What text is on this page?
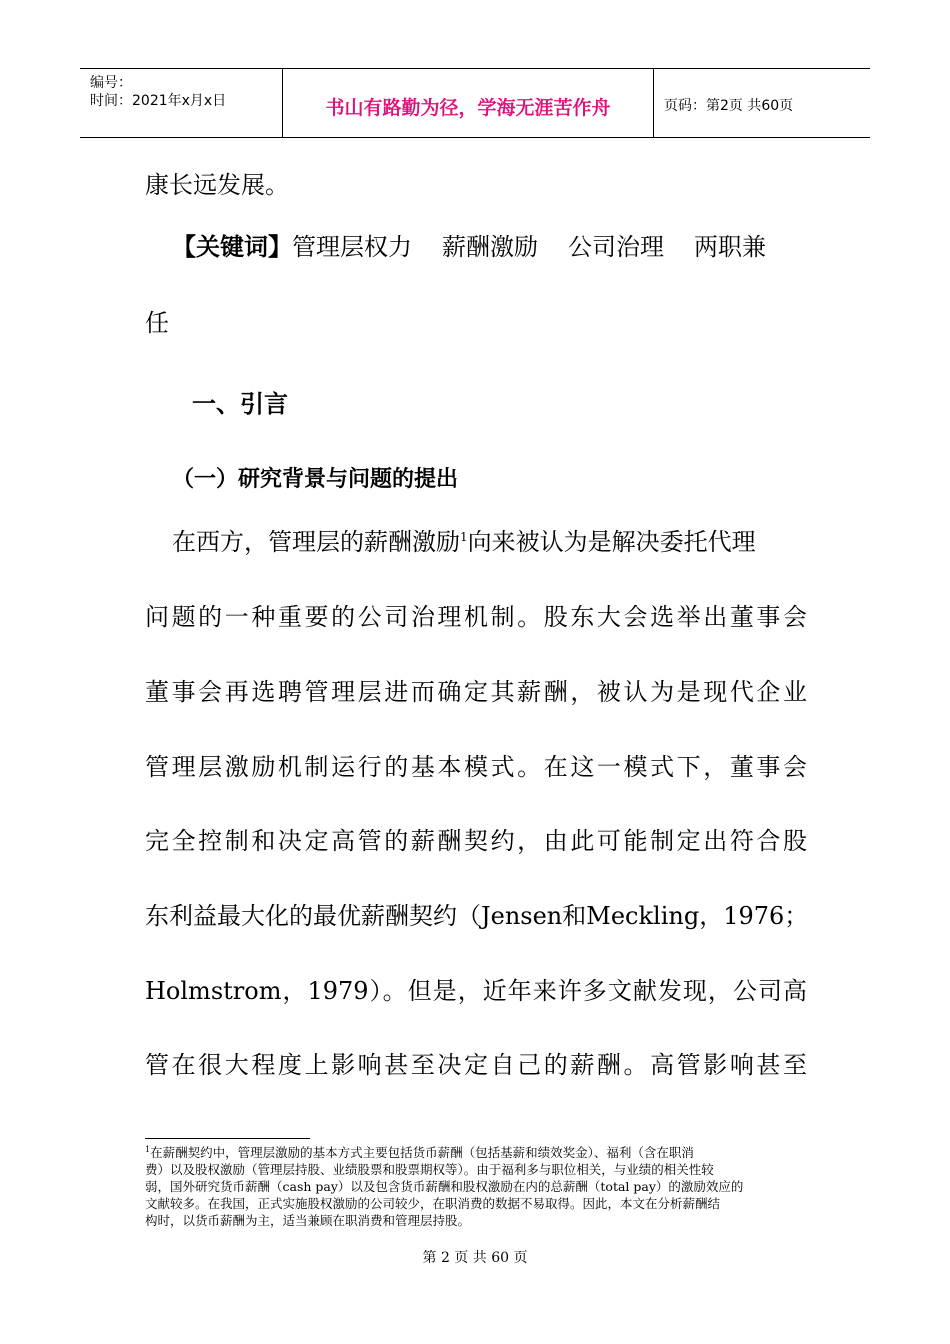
编号：
时间：2021年x月x日	书山有路勤为径，学海无涯苦作舟	页码：第2页 共60页
康长远发展。
【关键词】管理层权力 薪酬激励 公司治理 两职兼
任
一、引言
（一）研究背景与问题的提出
在西方，管理层的薪酬激励$^1$向来被认为是解决委托代理
问题的一种重要的公司治理机制。股东大会选举出董事会
董事会再选聘管理层进而确定其薪酬，被认为是现代企业
管理层激励机制运行的基本模式。在这一模式下，董事会
完全控制和决定高管的薪酬契约，由此可能制定出符合股
东利益最大化的最优薪酬契约（Jensen和Meckling，1976；
Holmstrom，1979）。但是，近年来许多文献发现，公司高
管在很大程度上影响甚至决定自己的薪酬。高管影响甚至
$^1$在薪酬契约中，管理层激励的基本方式主要包括货币薪酬（包括基薪和绩效奖金）、福利（含在职消
费）以及股权激励（管理层持股、业绩股票和股票期权等）。由于福利多与职位相关，与业绩的相关性较
弱，国外研究货币薪酬（cash pay）以及包含货币薪酬和股权激励在内的总薪酬（total pay）的激励效应的
文献较多。在我国，正式实施股权激励的公司较少，在职消费的数据不易取得。因此，本文在分析薪酬结
构时，以货币薪酬为主，适当兼顾在职消费和管理层持股。
第 2 页 共 60 页
